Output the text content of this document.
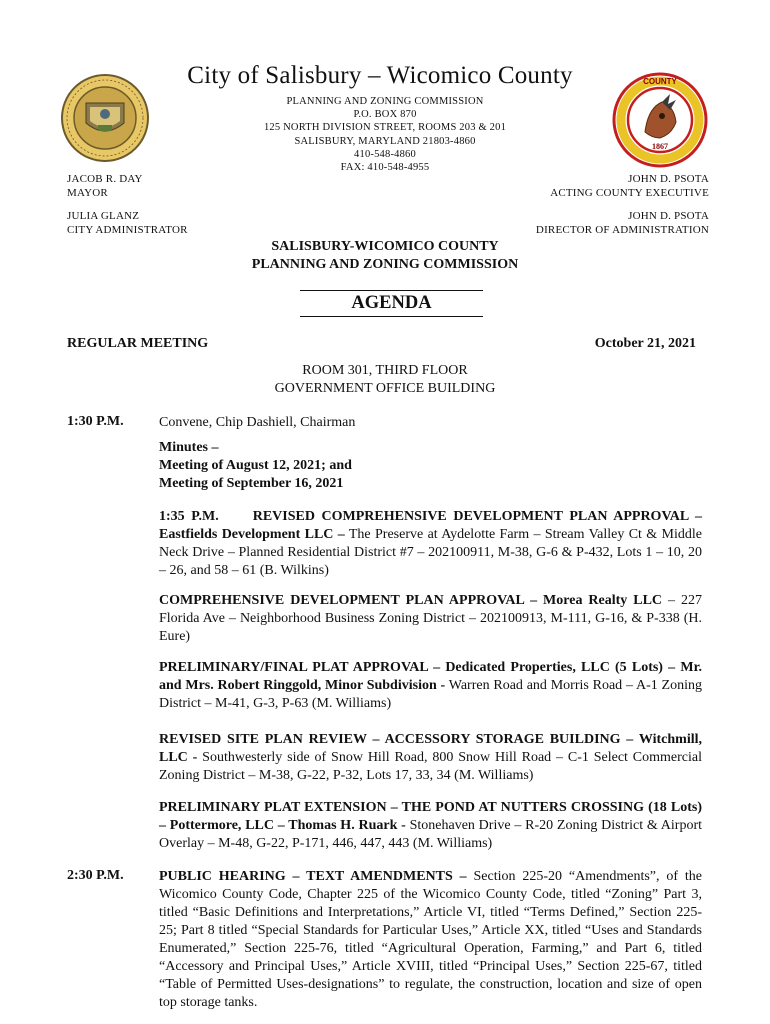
1867
COUNTY
City of Salisbury – Wicomico County
PLANNING AND ZONING COMMISSION
P.O. BOX 870
125 NORTH DIVISION STREET, ROOMS 203 & 201
SALISBURY, MARYLAND 21803-4860
410-548-4860
FAX: 410-548-4955
JACOB R. DAY
MAYOR
JULIA GLANZ
CITY ADMINISTRATOR
JOHN D. PSOTA
ACTING COUNTY EXECUTIVE
JOHN D. PSOTA
DIRECTOR OF ADMINISTRATION
SALISBURY-WICOMICO COUNTY
PLANNING AND ZONING COMMISSION
AGENDA
REGULAR MEETING	October 21, 2021
ROOM 301, THIRD FLOOR
GOVERNMENT OFFICE BUILDING
1:30 P.M.	Convene, Chip Dashiell, Chairman
Minutes –
Meeting of August 12, 2021; and
Meeting of September 16, 2021
1:35 P.M. REVISED COMPREHENSIVE DEVELOPMENT PLAN APPROVAL – Eastfields Development LLC – The Preserve at Aydelotte Farm – Stream Valley Ct & Middle Neck Drive – Planned Residential District #7 – 202100911, M-38, G-6 & P-432, Lots 1 – 10, 20 – 26, and 58 – 61 (B. Wilkins)
COMPREHENSIVE DEVELOPMENT PLAN APPROVAL – Morea Realty LLC – 227 Florida Ave – Neighborhood Business Zoning District – 202100913, M-111, G-16, & P-338 (H. Eure)
PRELIMINARY/FINAL PLAT APPROVAL – Dedicated Properties, LLC (5 Lots) – Mr. and Mrs. Robert Ringgold, Minor Subdivision - Warren Road and Morris Road – A-1 Zoning District – M-41, G-3, P-63 (M. Williams)
REVISED SITE PLAN REVIEW – ACCESSORY STORAGE BUILDING – Witchmill, LLC - Southwesterly side of Snow Hill Road, 800 Snow Hill Road – C-1 Select Commercial Zoning District – M-38, G-22, P-32, Lots 17, 33, 34 (M. Williams)
PRELIMINARY PLAT EXTENSION – THE POND AT NUTTERS CROSSING (18 Lots) – Pottermore, LLC – Thomas H. Ruark - Stonehaven Drive – R-20 Zoning District & Airport Overlay – M-48, G-22, P-171, 446, 447, 443 (M. Williams)
2:30 P.M.	PUBLIC HEARING – TEXT AMENDMENTS – Section 225-20 “Amendments”, of the Wicomico County Code, Chapter 225 of the Wicomico County Code, titled “Zoning” Part 3, titled “Basic Definitions and Interpretations,” Article VI, titled “Terms Defined,” Section 225-25; Part 8 titled “Special Standards for Particular Uses,” Article XX, titled “Uses and Standards Enumerated,” Section 225-76, titled “Agricultural Operation, Farming,” and Part 6, titled “Accessory and Principal Uses,” Article XVIII, titled “Principal Uses,” Section 225-67, titled “Table of Permitted Uses-designations” to regulate, the construction, location and size of open top storage tanks.
